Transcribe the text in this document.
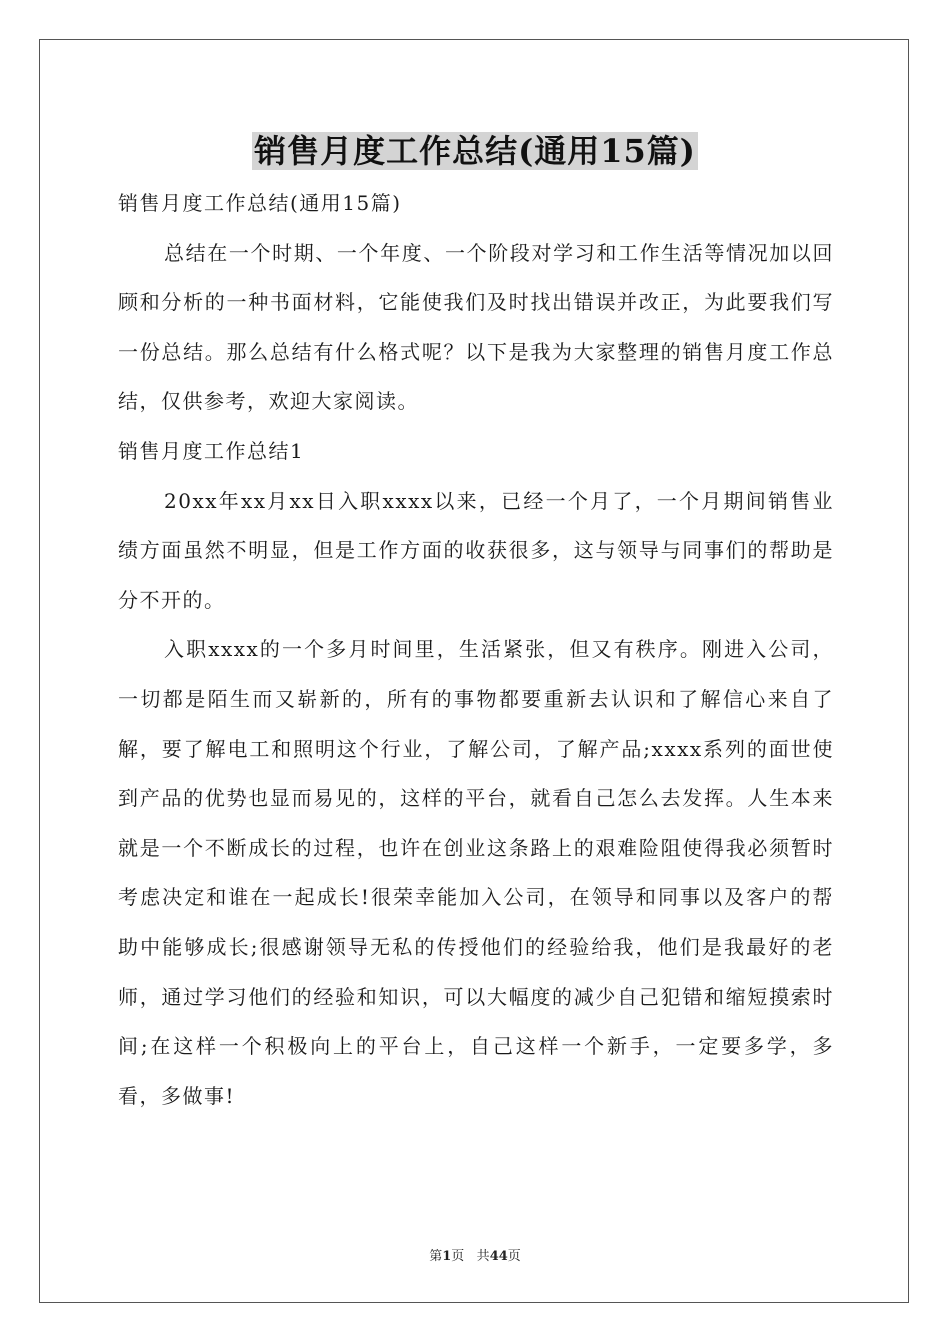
销售月度工作总结(通用15篇)

销售月度工作总结(通用15篇)

总结在一个时期、一个年度、一个阶段对学习和工作生活等情况加以回顾和分析的一种书面材料，它能使我们及时找出错误并改正，为此要我们写一份总结。那么总结有什么格式呢？以下是我为大家整理的销售月度工作总结，仅供参考，欢迎大家阅读。

销售月度工作总结1

20xx年xx月xx日入职xxxx以来，已经一个月了，一个月期间销售业绩方面虽然不明显，但是工作方面的收获很多，这与领导与同事们的帮助是分不开的。

入职xxxx的一个多月时间里，生活紧张，但又有秩序。刚进入公司，一切都是陌生而又崭新的，所有的事物都要重新去认识和了解信心来自了解，要了解电工和照明这个行业，了解公司，了解产品;xxxx系列的面世使到产品的优势也显而易见的，这样的平台，就看自己怎么去发挥。人生本来就是一个不断成长的过程，也许在创业这条路上的艰难险阻使得我必须暂时考虑决定和谁在一起成长!很荣幸能加入公司，在领导和同事以及客户的帮助中能够成长;很感谢领导无私的传授他们的经验给我，他们是我最好的老师，通过学习他们的经验和知识，可以大幅度的减少自己犯错和缩短摸索时间;在这样一个积极向上的平台上，自己这样一个新手，一定要多学，多看，多做事!

第1页 共44页
